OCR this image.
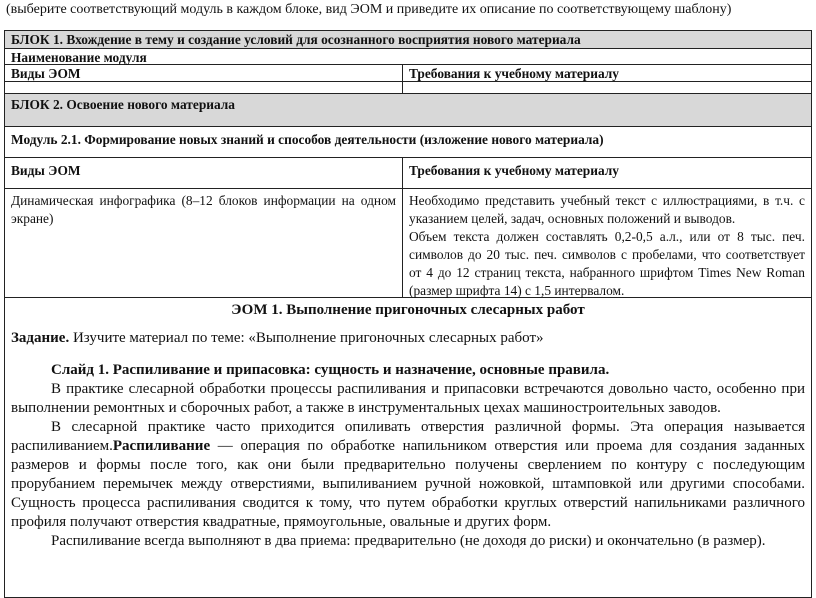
(выберите соответствующий модуль в каждом блоке, вид ЭОМ и приведите их описание по соответствующему шаблону)
БЛОК 1. Вхождение в тему и создание условий для осознанного восприятия нового материала
Наименование модуля
Виды ЭОМ	Требования к учебному материалу
БЛОК 2. Освоение нового материала
Модуль 2.1. Формирование новых знаний и способов деятельности (изложение нового материала)
Виды ЭОМ	Требования к учебному материалу
Динамическая инфографика (8–12 блоков информации на одном экране)
Необходимо представить учебный текст с иллюстрациями, в т.ч. с указанием целей, задач, основных положений и выводов.
Объем текста должен составлять 0,2-0,5 а.л., или от 8 тыс. печ. символов до 20 тыс. печ. символов с пробелами, что соответствует от 4 до 12 страниц текста, набранного шрифтом Times New Roman (размер шрифта 14) с 1,5 интервалом.
ЭОМ 1. Выполнение пригоночных слесарных работ
Задание. Изучите материал по теме: «Выполнение пригоночных слесарных работ»
Слайд 1. Распиливание и припасовка: сущность и назначение, основные правила.

В практике слесарной обработки процессы распиливания и припасовки встречаются довольно часто, особенно при выполнении ремонтных и сборочных работ, а также в инструментальных цехах машиностроительных заводов.

В слесарной практике часто приходится опиливать отверстия различной формы. Эта операция называется распиливанием.Распиливание — операция по обработке напильником отверстия или проема для создания заданных размеров и формы после того, как они были предварительно получены сверлением по контуру с последующим прорубанием перемычек между отверстиями, выпиливанием ручной ножовкой, штамповкой или другими способами. Сущность процесса распиливания сводится к тому, что путем обработки круглых отверстий напильниками различного профиля получают отверстия квадратные, прямоугольные, овальные и других форм.

Распиливание всегда выполняют в два приема: предварительно (не доходя до риски) и окончательно (в размер).
